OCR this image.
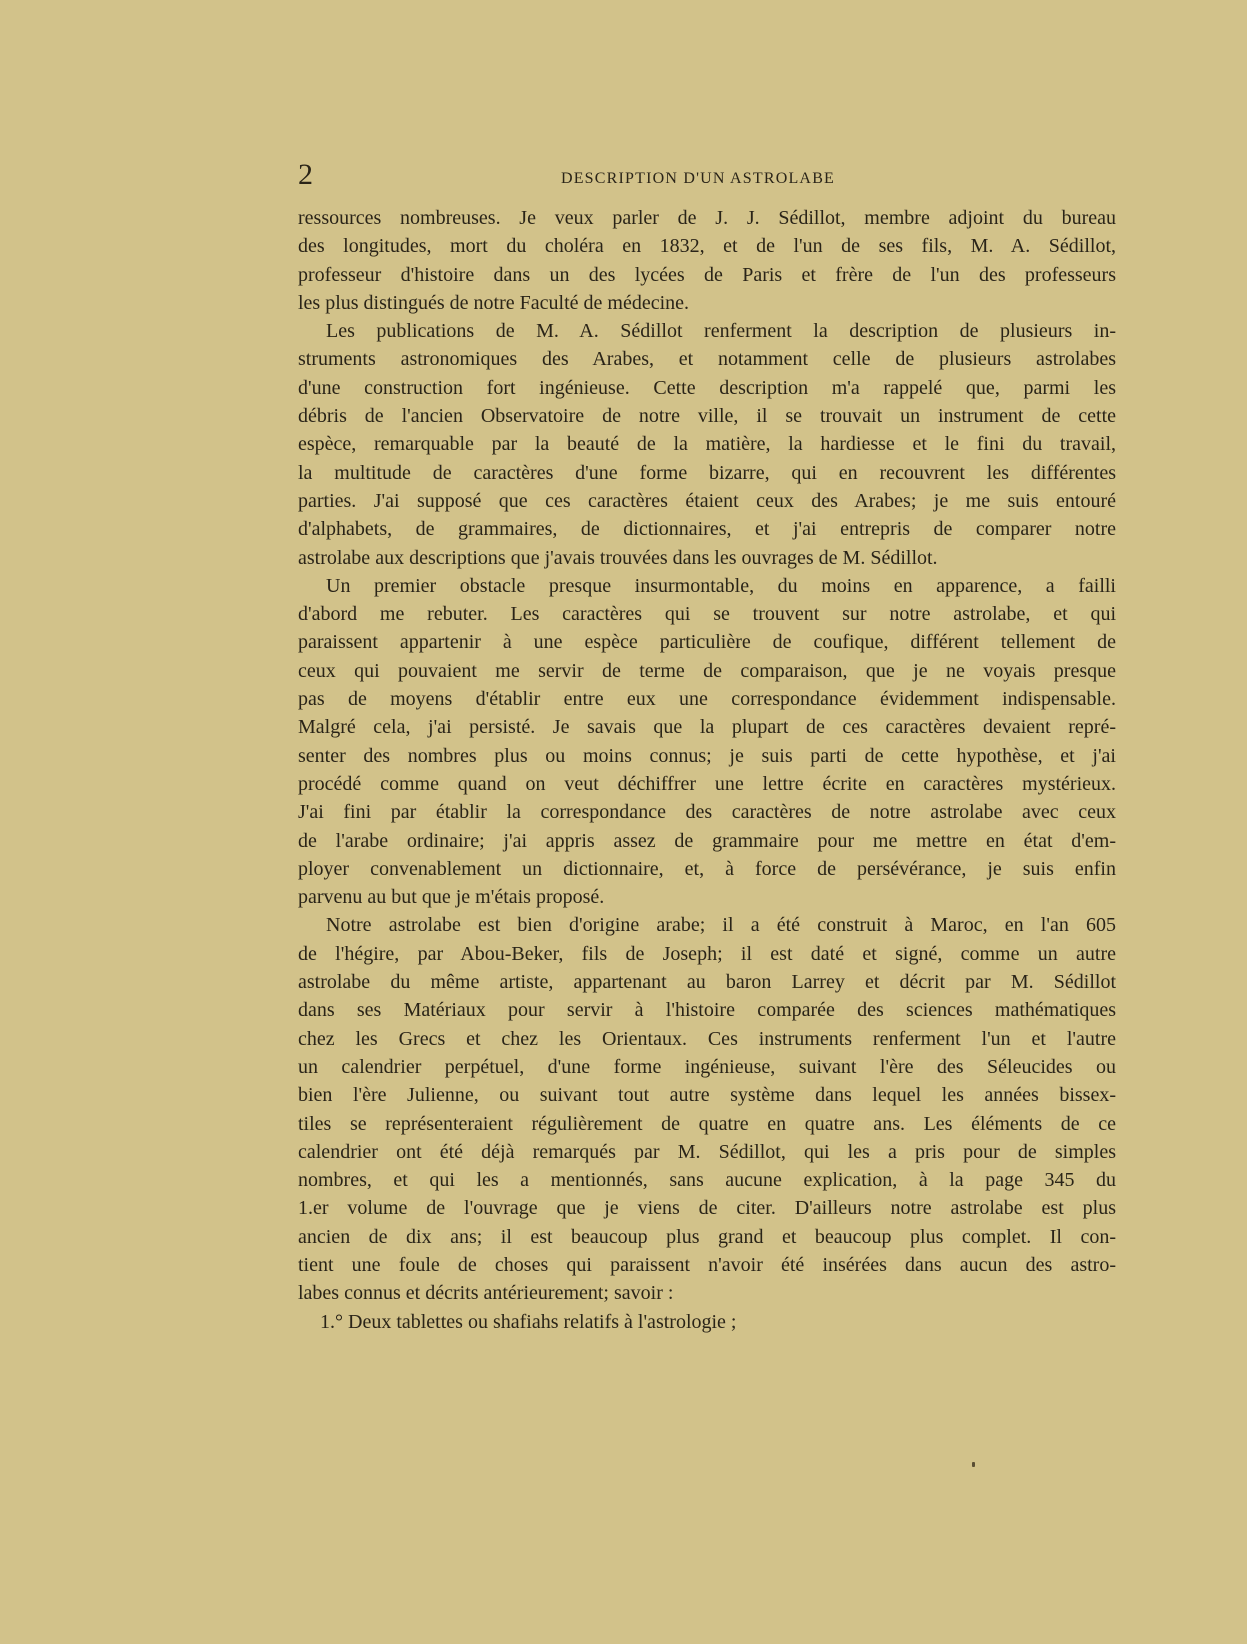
2	DESCRIPTION D'UN ASTROLABE
ressources nombreuses. Je veux parler de J. J. Sédillot, membre adjoint du bureau
des longitudes, mort du choléra en 1832, et de l'un de ses fils, M. A. Sédillot,
professeur d'histoire dans un des lycées de Paris et frère de l'un des professeurs
les plus distingués de notre Faculté de médecine.
Les publications de M. A. Sédillot renferment la description de plusieurs in-
struments astronomiques des Arabes, et notamment celle de plusieurs astrolabes
d'une construction fort ingénieuse. Cette description m'a rappelé que, parmi les
débris de l'ancien Observatoire de notre ville, il se trouvait un instrument de cette
espèce, remarquable par la beauté de la matière, la hardiesse et le fini du travail,
la multitude de caractères d'une forme bizarre, qui en recouvrent les différentes
parties. J'ai supposé que ces caractères étaient ceux des Arabes; je me suis entouré
d'alphabets, de grammaires, de dictionnaires, et j'ai entrepris de comparer notre
astrolabe aux descriptions que j'avais trouvées dans les ouvrages de M. Sédillot.
Un premier obstacle presque insurmontable, du moins en apparence, a failli
d'abord me rebuter. Les caractères qui se trouvent sur notre astrolabe, et qui
paraissent appartenir à une espèce particulière de coufique, différent tellement de
ceux qui pouvaient me servir de terme de comparaison, que je ne voyais presque
pas de moyens d'établir entre eux une correspondance évidemment indispensable.
Malgré cela, j'ai persisté. Je savais que la plupart de ces caractères devaient repré-
senter des nombres plus ou moins connus; je suis parti de cette hypothèse, et j'ai
procédé comme quand on veut déchiffrer une lettre écrite en caractères mystérieux.
J'ai fini par établir la correspondance des caractères de notre astrolabe avec ceux
de l'arabe ordinaire; j'ai appris assez de grammaire pour me mettre en état d'em-
ployer convenablement un dictionnaire, et, à force de persévérance, je suis enfin
parvenu au but que je m'étais proposé.
Notre astrolabe est bien d'origine arabe; il a été construit à Maroc, en l'an 605
de l'hégire, par Abou-Beker, fils de Joseph; il est daté et signé, comme un autre
astrolabe du même artiste, appartenant au baron Larrey et décrit par M. Sédillot
dans ses Matériaux pour servir à l'histoire comparée des sciences mathématiques
chez les Grecs et chez les Orientaux. Ces instruments renferment l'un et l'autre
un calendrier perpétuel, d'une forme ingénieuse, suivant l'ère des Séleucides ou
bien l'ère Julienne, ou suivant tout autre système dans lequel les années bissex-
tiles se représenteraient régulièrement de quatre en quatre ans. Les éléments de ce
calendrier ont été déjà remarqués par M. Sédillot, qui les a pris pour de simples
nombres, et qui les a mentionnés, sans aucune explication, à la page 345 du
1.er volume de l'ouvrage que je viens de citer. D'ailleurs notre astrolabe est plus
ancien de dix ans; il est beaucoup plus grand et beaucoup plus complet. Il con-
tient une foule de choses qui paraissent n'avoir été insérées dans aucun des astro-
labes connus et décrits antérieurement; savoir :
1.° Deux tablettes ou shafiahs relatifs à l'astrologie ;
